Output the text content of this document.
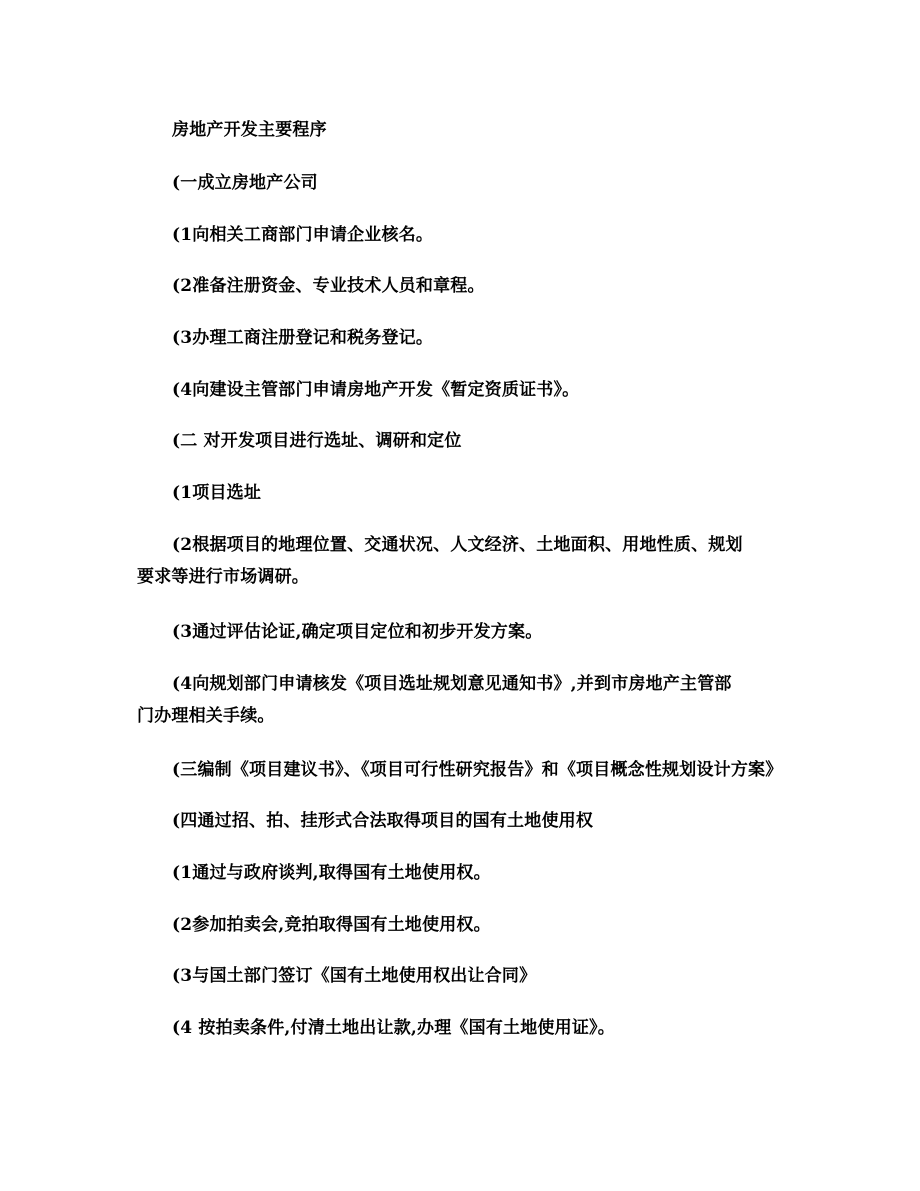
房地产开发主要程序
(一成立房地产公司
(1向相关工商部门申请企业核名。
(2准备注册资金、专业技术人员和章程。
(3办理工商注册登记和税务登记。
(4向建设主管部门申请房地产开发《暂定资质证书》。
(二 对开发项目进行选址、调研和定位
(1项目选址
(2根据项目的地理位置、交通状况、人文经济、土地面积、用地性质、规划要求等进行市场调研。
(3通过评估论证,确定项目定位和初步开发方案。
(4向规划部门申请核发《项目选址规划意见通知书》,并到市房地产主管部门办理相关手续。
(三编制《项目建议书》、《项目可行性研究报告》和《项目概念性规划设计方案》
(四通过招、拍、挂形式合法取得项目的国有土地使用权
(1通过与政府谈判,取得国有土地使用权。
(2参加拍卖会,竞拍取得国有土地使用权。
(3与国土部门签订《国有土地使用权出让合同》
(4 按拍卖条件,付清土地出让款,办理《国有土地使用证》。
